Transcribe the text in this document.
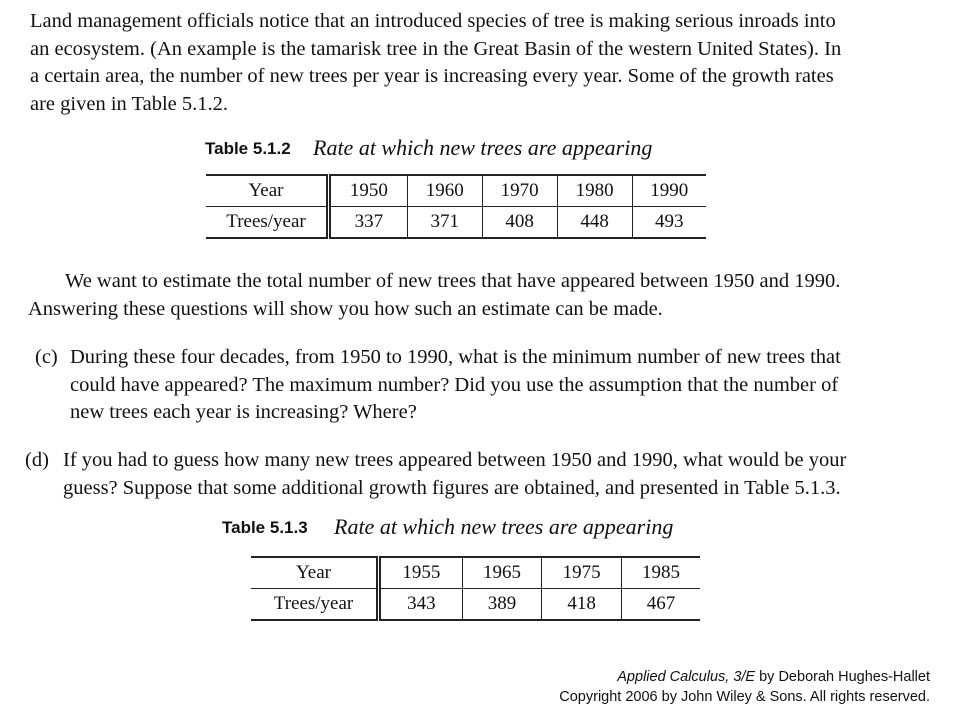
Land management officials notice that an introduced species of tree is making serious inroads into
an ecosystem. (An example is the tamarisk tree in the Great Basin of the western United States). In
a certain area, the number of new trees per year is increasing every year. Some of the growth rates
are given in Table 5.1.2.
Table 5.1.2 Rate at which new trees are appearing
Year	1950	1960	1970	1980	1990
Trees/year	337	371	408	448	493
We want to estimate the total number of new trees that have appeared between 1950 and 1990.
Answering these questions will show you how such an estimate can be made.
(c) During these four decades, from 1950 to 1990, what is the minimum number of new trees that
could have appeared? The maximum number? Did you use the assumption that the number of
new trees each year is increasing? Where?
(d) If you had to guess how many new trees appeared between 1950 and 1990, what would be your
guess? Suppose that some additional growth figures are obtained, and presented in Table 5.1.3.
Table 5.1.3 Rate at which new trees are appearing
Year	1955	1965	1975	1985
Trees/year	343	389	418	467
Applied Calculus, 3/E by Deborah Hughes-Hallet
Copyright 2006 by John Wiley & Sons. All rights reserved.
